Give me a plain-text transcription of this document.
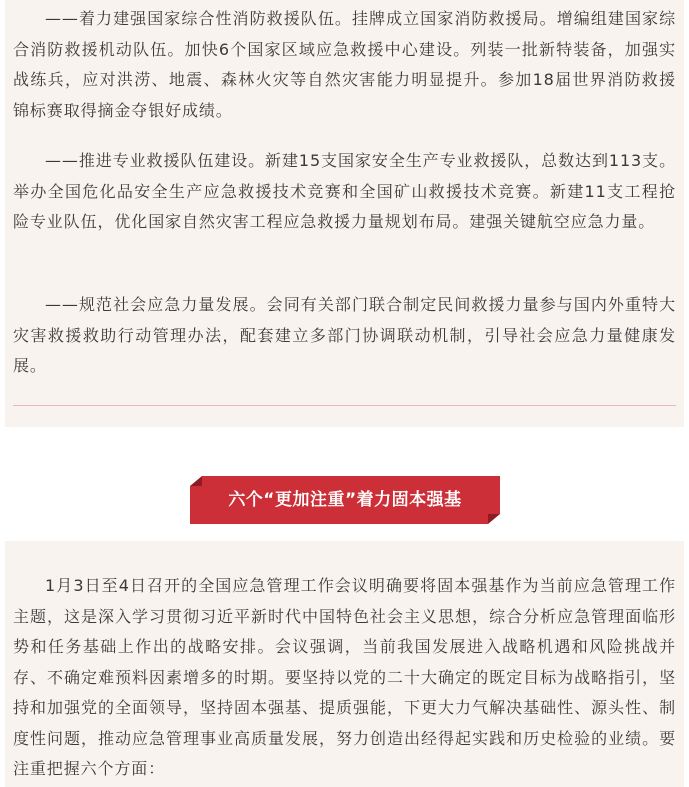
——着力建强国家综合性消防救援队伍。挂牌成立国家消防救援局。增编组建国家综合消防救援机动队伍。加快6个国家区域应急救援中心建设。列装一批新特装备，加强实战练兵，应对洪涝、地震、森林火灾等自然灾害能力明显提升。参加18届世界消防救援锦标赛取得摘金夺银好成绩。

——推进专业救援队伍建设。新建15支国家安全生产专业救援队，总数达到113支。举办全国危化品安全生产应急救援技术竞赛和全国矿山救援技术竞赛。新建11支工程抢险专业队伍，优化国家自然灾害工程应急救援力量规划布局。建强关键航空应急力量。

——规范社会应急力量发展。会同有关部门联合制定民间救援力量参与国内外重特大灾害救援救助行动管理办法，配套建立多部门协调联动机制，引导社会应急力量健康发展。

六个“更加注重”着力固本强基

1月3日至4日召开的全国应急管理工作会议明确要将固本强基作为当前应急管理工作主题，这是深入学习贯彻习近平新时代中国特色社会主义思想，综合分析应急管理面临形势和任务基础上作出的战略安排。会议强调，当前我国发展进入战略机遇和风险挑战并存、不确定难预料因素增多的时期。要坚持以党的二十大确定的既定目标为战略指引，坚持和加强党的全面领导，坚持固本强基、提质强能，下更大力气解决基础性、源头性、制度性问题，推动应急管理事业高质量发展，努力创造出经得起实践和历史检验的业绩。要注重把握六个方面：
